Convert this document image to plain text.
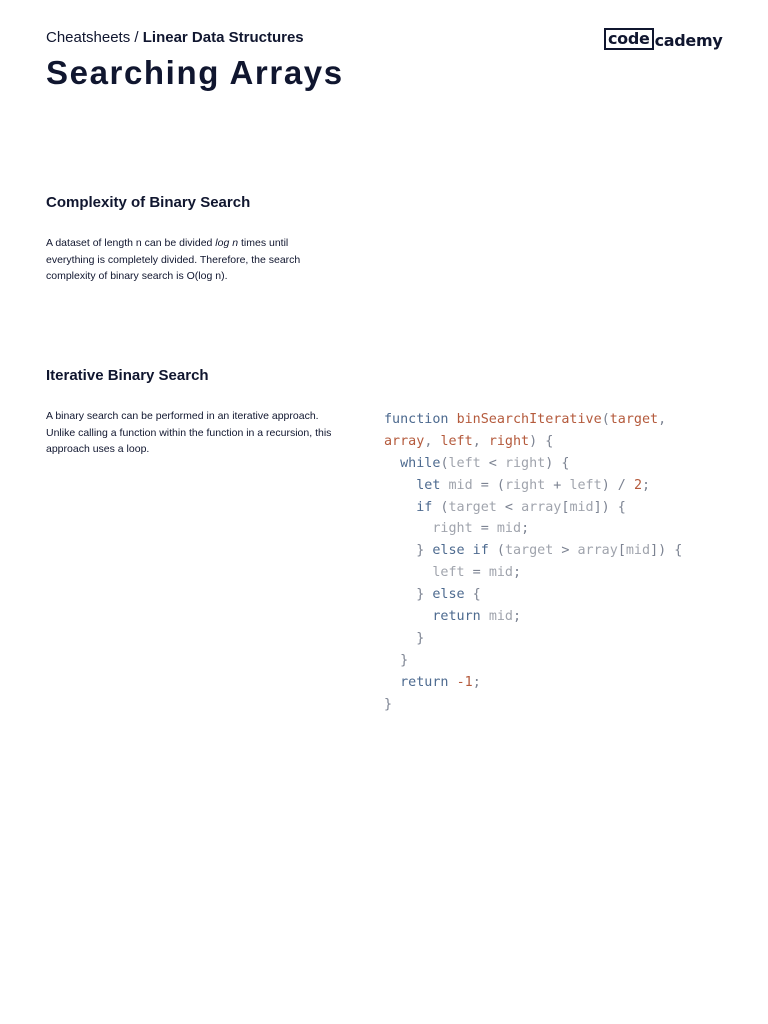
Cheatsheets / Linear Data Structures	code cademy
Searching Arrays
Complexity of Binary Search

A dataset of length n can be divided log n times until everything is completely divided. Therefore, the search complexity of binary search is O(log n).

Iterative Binary Search

A binary search can be performed in an iterative approach. Unlike calling a function within the function in a recursion, this approach uses a loop.

function binSearchIterative(target,
array, left, right) {
while(left < right) {
let mid = (right + left) / 2;
if (target < array[mid]) {
right = mid;
} else if (target > array[mid]) {
left = mid;
} else {
return mid;
}
}
return -1;
}
